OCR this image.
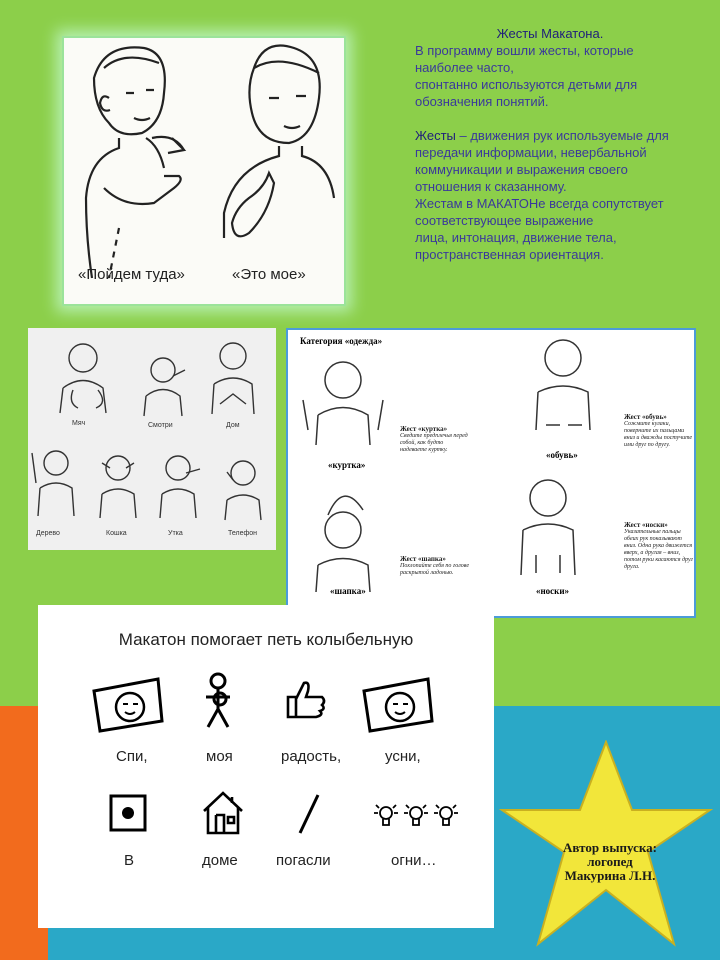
«Пойдем туда»	«Это мое»

Жесты Макатона.

В программу вошли жесты, которые наиболее часто,

спонтанно используются детьми для обозначения понятий.

Жесты – движения рук используемые для передачи информации, невербальной коммуникации и выражения своего отношения к сказанному.

Жестам в МАКАТОНе всегда сопутствует соответствующее выражение

лица, интонация, движение тела, пространственная ориентация.

Мяч	Смотри	Дом
Дерево	Кошка	Утка	Телефон
Категория «одежда»
«куртка»
Жест «куртка»
Сведите предплечья перед собой, как будто надеваете куртку.	«обувь»
Жест «обувь»
Сожмите кулаки, повернитe их пальцами вниз и дважды постучите ими друг по другу.
«шапка»
Жест «шапка»
Похлопайте себя по голове раскрытой ладонью.
«носки»
Жест «носки»
Указательные пальцы обеих рук показывают вниз. Одна рука движется вверх, а другая – вниз, потом руки касаются друг друга.
Макатон помогает петь колыбельную
Спи,	моя	радость,	усни,
В	доме	погасли	огни…
Автор выпуска:
логопед
Макурина Л.Н.
